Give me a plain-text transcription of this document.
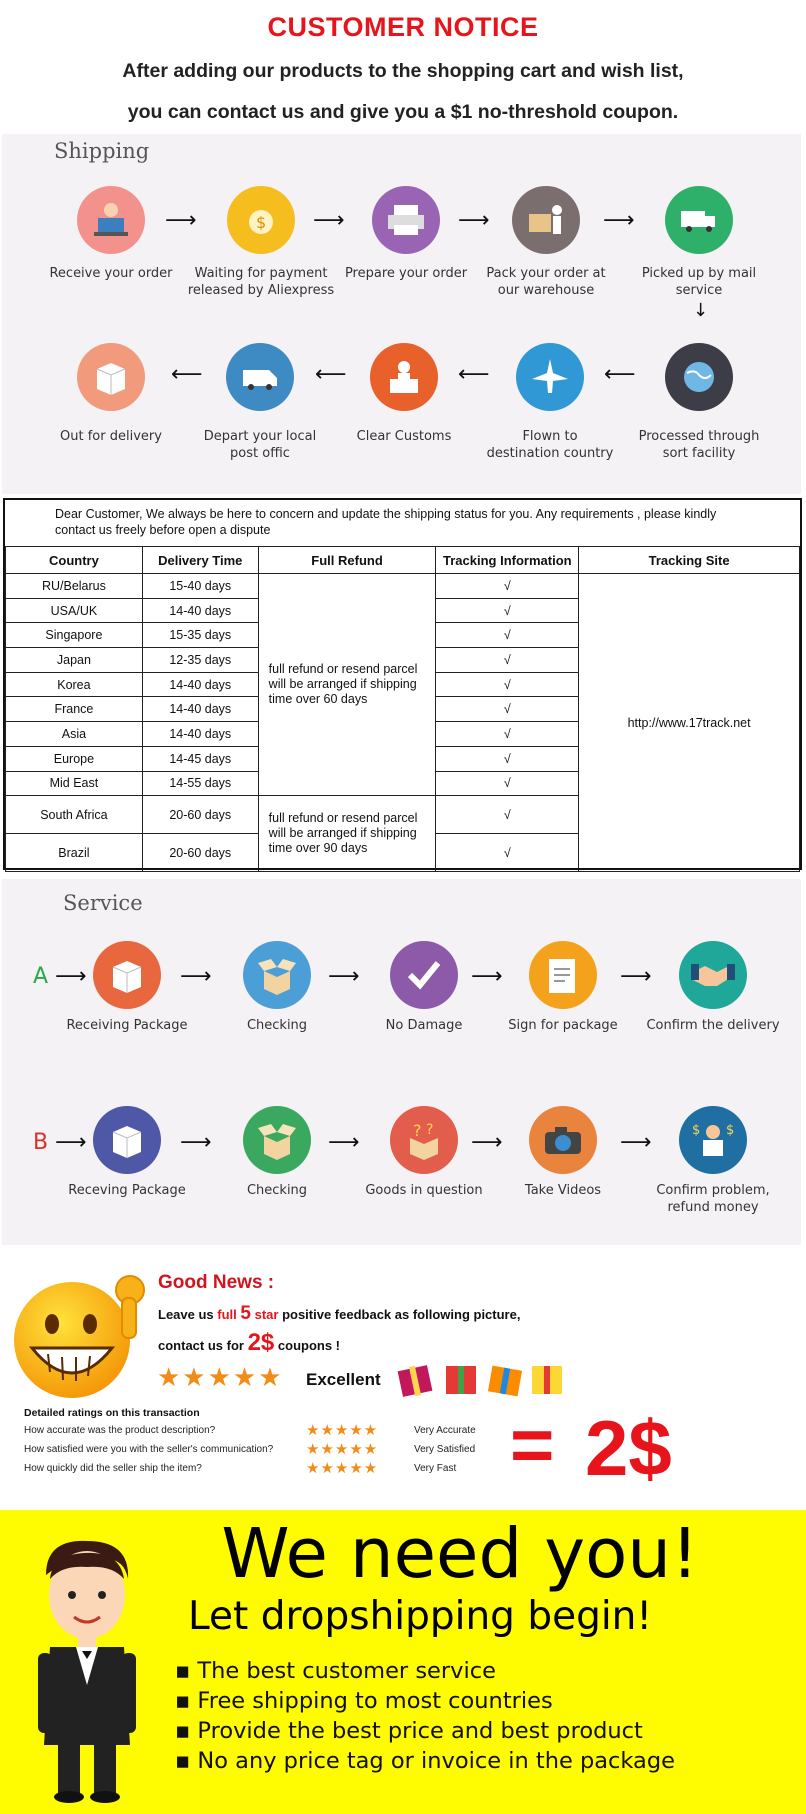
CUSTOMER NOTICE
After adding our products to the shopping cart and wish list,
you can contact us and give you a $1 no-threshold coupon.
Shipping
Receive your order
$
Waiting for payment
released by Aliexpress
Prepare your order	Pack your order at
our warehouse
Picked up by mail service
Out for delivery	Depart your local
post offic
Clear Customs	Flown to
destination country
Processed through
sort facility
⟶	⟶	⟶	⟶
↓
⟵	⟵	⟵	⟵
Dear Customer, We always be here to concern and update the shipping status for you. Any requirements , please kindly
contact us freely before open a dispute
Country	Delivery Time	Full Refund	Tracking Information	Tracking Site
RU/Belarus	15-40 days	full refund or resend parcel will be arranged if shipping time over 60 days	√	http://www.17track.net
USA/UK	14-40 days		√	
Singapore	15-35 days		√	
Japan	12-35 days		√	
Korea	14-40 days		√	
France	14-40 days		√	
Asia	14-40 days		√	
Europe	14-45 days		√	
Mid East	14-55 days		√	
South Africa	20-60 days	full refund or resend parcel will be arranged if shipping time over 90 days	√	
Brazil	20-60 days		√	
Service
A
B
⟶
⟶
⟶	⟶	⟶	⟶
⟶	⟶	⟶	⟶
Receiving Package	Checking	No Damage	Sign for package	Confirm the delivery
Receving Package	Checking
? ?
Goods in question	Take Videos
$ $
Confirm problem,
refund money
Good News :
Leave us full 5 star positive feedback as following picture,
contact us for 2$ coupons !
★★★★★ Excellent
Detailed ratings on this transaction
How accurate was the product description?	★★★★★	Very Accurate
How satisfied were you with the seller's communication? ★★★★★	Very Satisfied
How quickly did the seller ship the item?	★★★★★	Very Fast = 2$
We need you!
Let dropshipping begin!
▪ The best customer service
▪ Free shipping to most countries
▪ Provide the best price and best product
▪ No any price tag or invoice in the package
